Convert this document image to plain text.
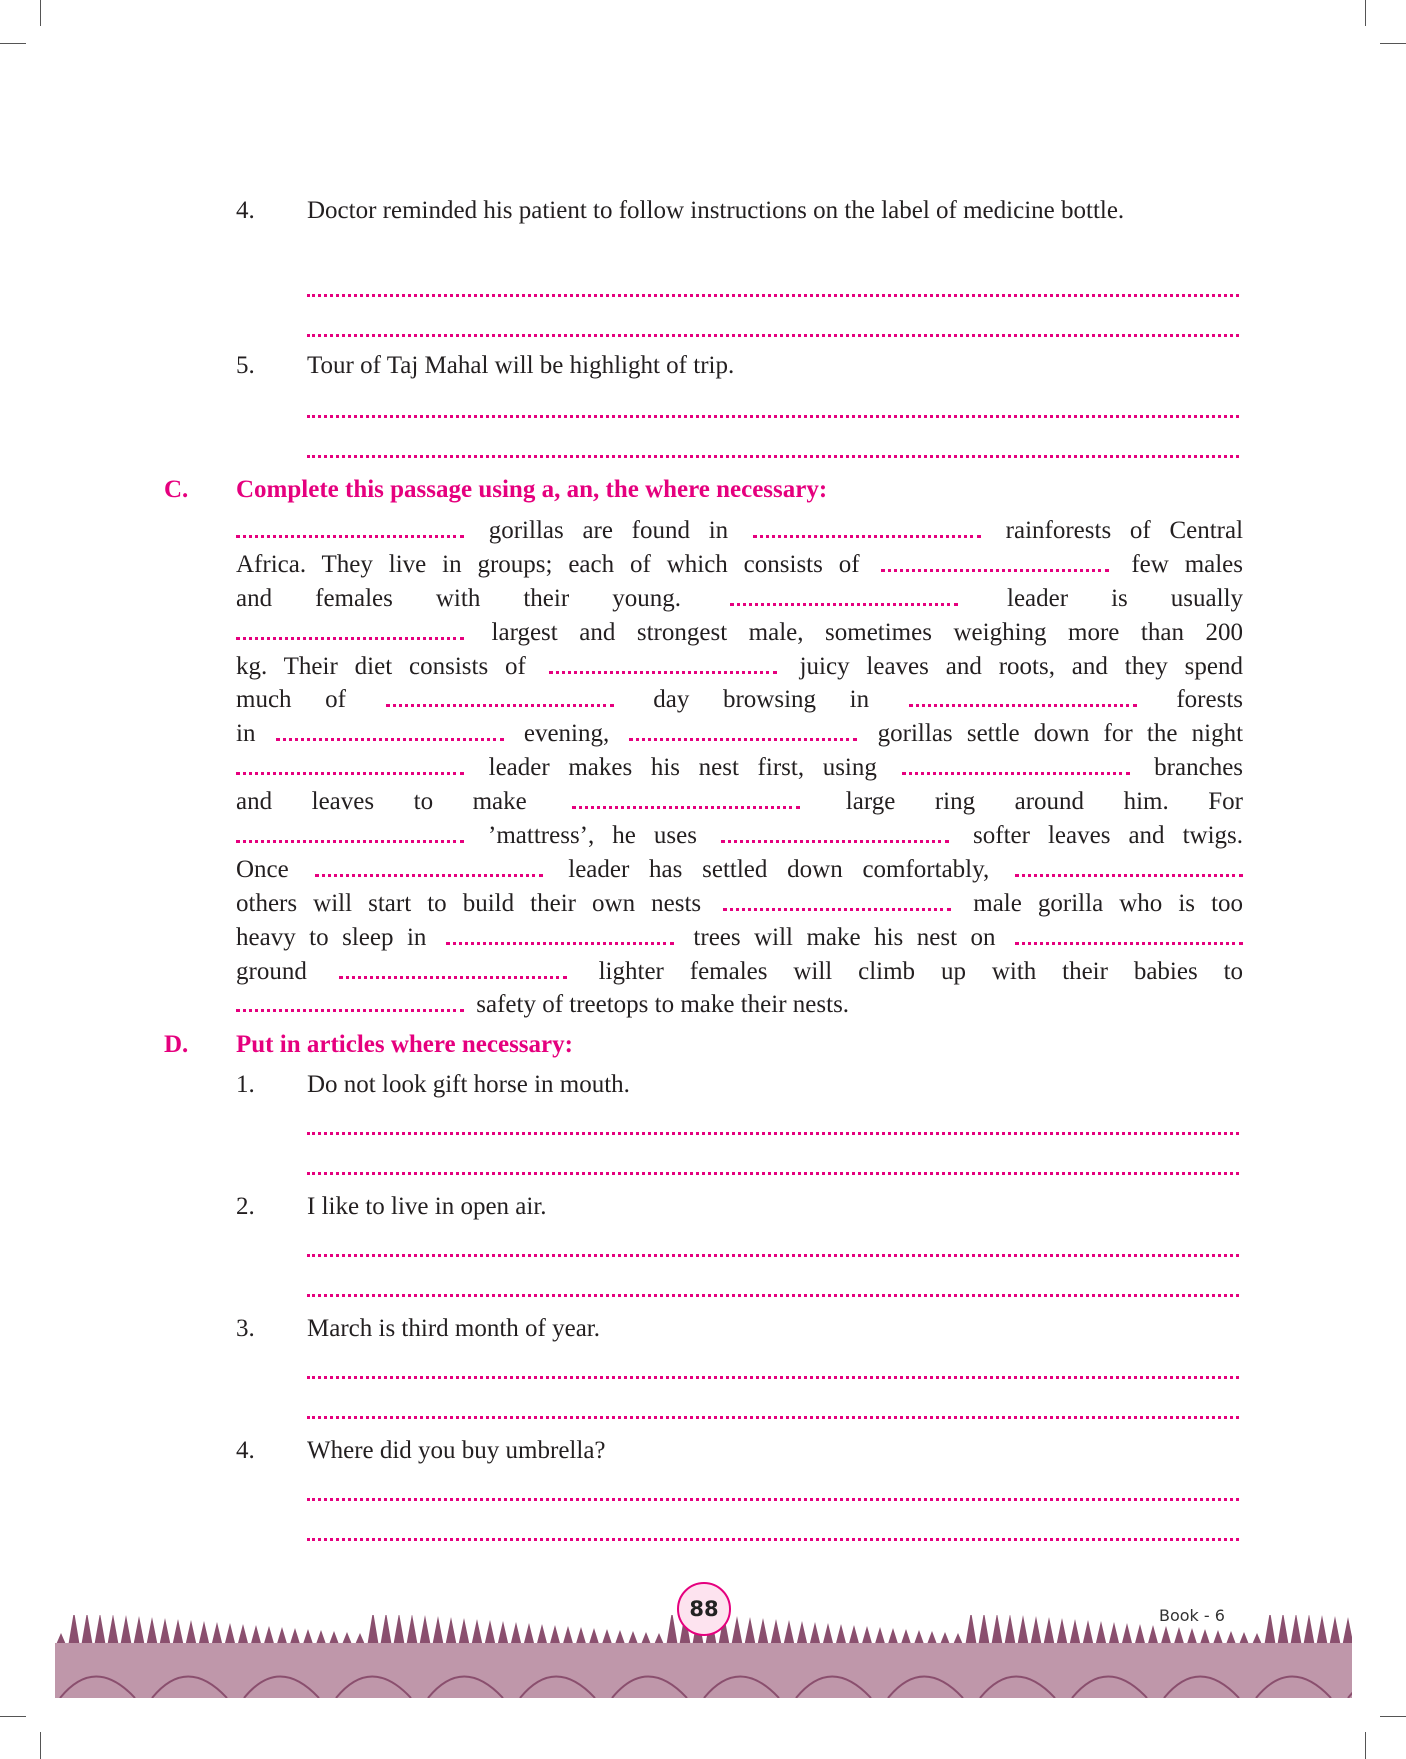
4. Doctor reminded his patient to follow instructions on the label of medicine bottle.
5. Tour of Taj Mahal will be highlight of trip.
C. Complete this passage using a, an, the where necessary:
gorillas are found in	rainforests of Central
Africa. They live in groups; each of which consists of	few males
and females with their young.	leader is usually
largest and strongest male, sometimes weighing more than 200
kg. Their diet consists of	juicy leaves and roots, and they spend
much of	day browsing in	forests
in	evening,	gorillas settle down for the night
leader makes his nest first, using	branches
and leaves to make	large ring around him. For
’mattress’, he uses	softer leaves and twigs.
Once	leader has settled down comfortably,
others will start to build their own nests	male gorilla who is too
heavy to sleep in	trees will make his nest on
ground	lighter females will climb up with their babies to
safety of treetops to make their nests.
D. Put in articles where necessary:
1. Do not look gift horse in mouth.
2. I like to live in open air.
3. March is third month of year.
4. Where did you buy umbrella?
88	Book - 6
